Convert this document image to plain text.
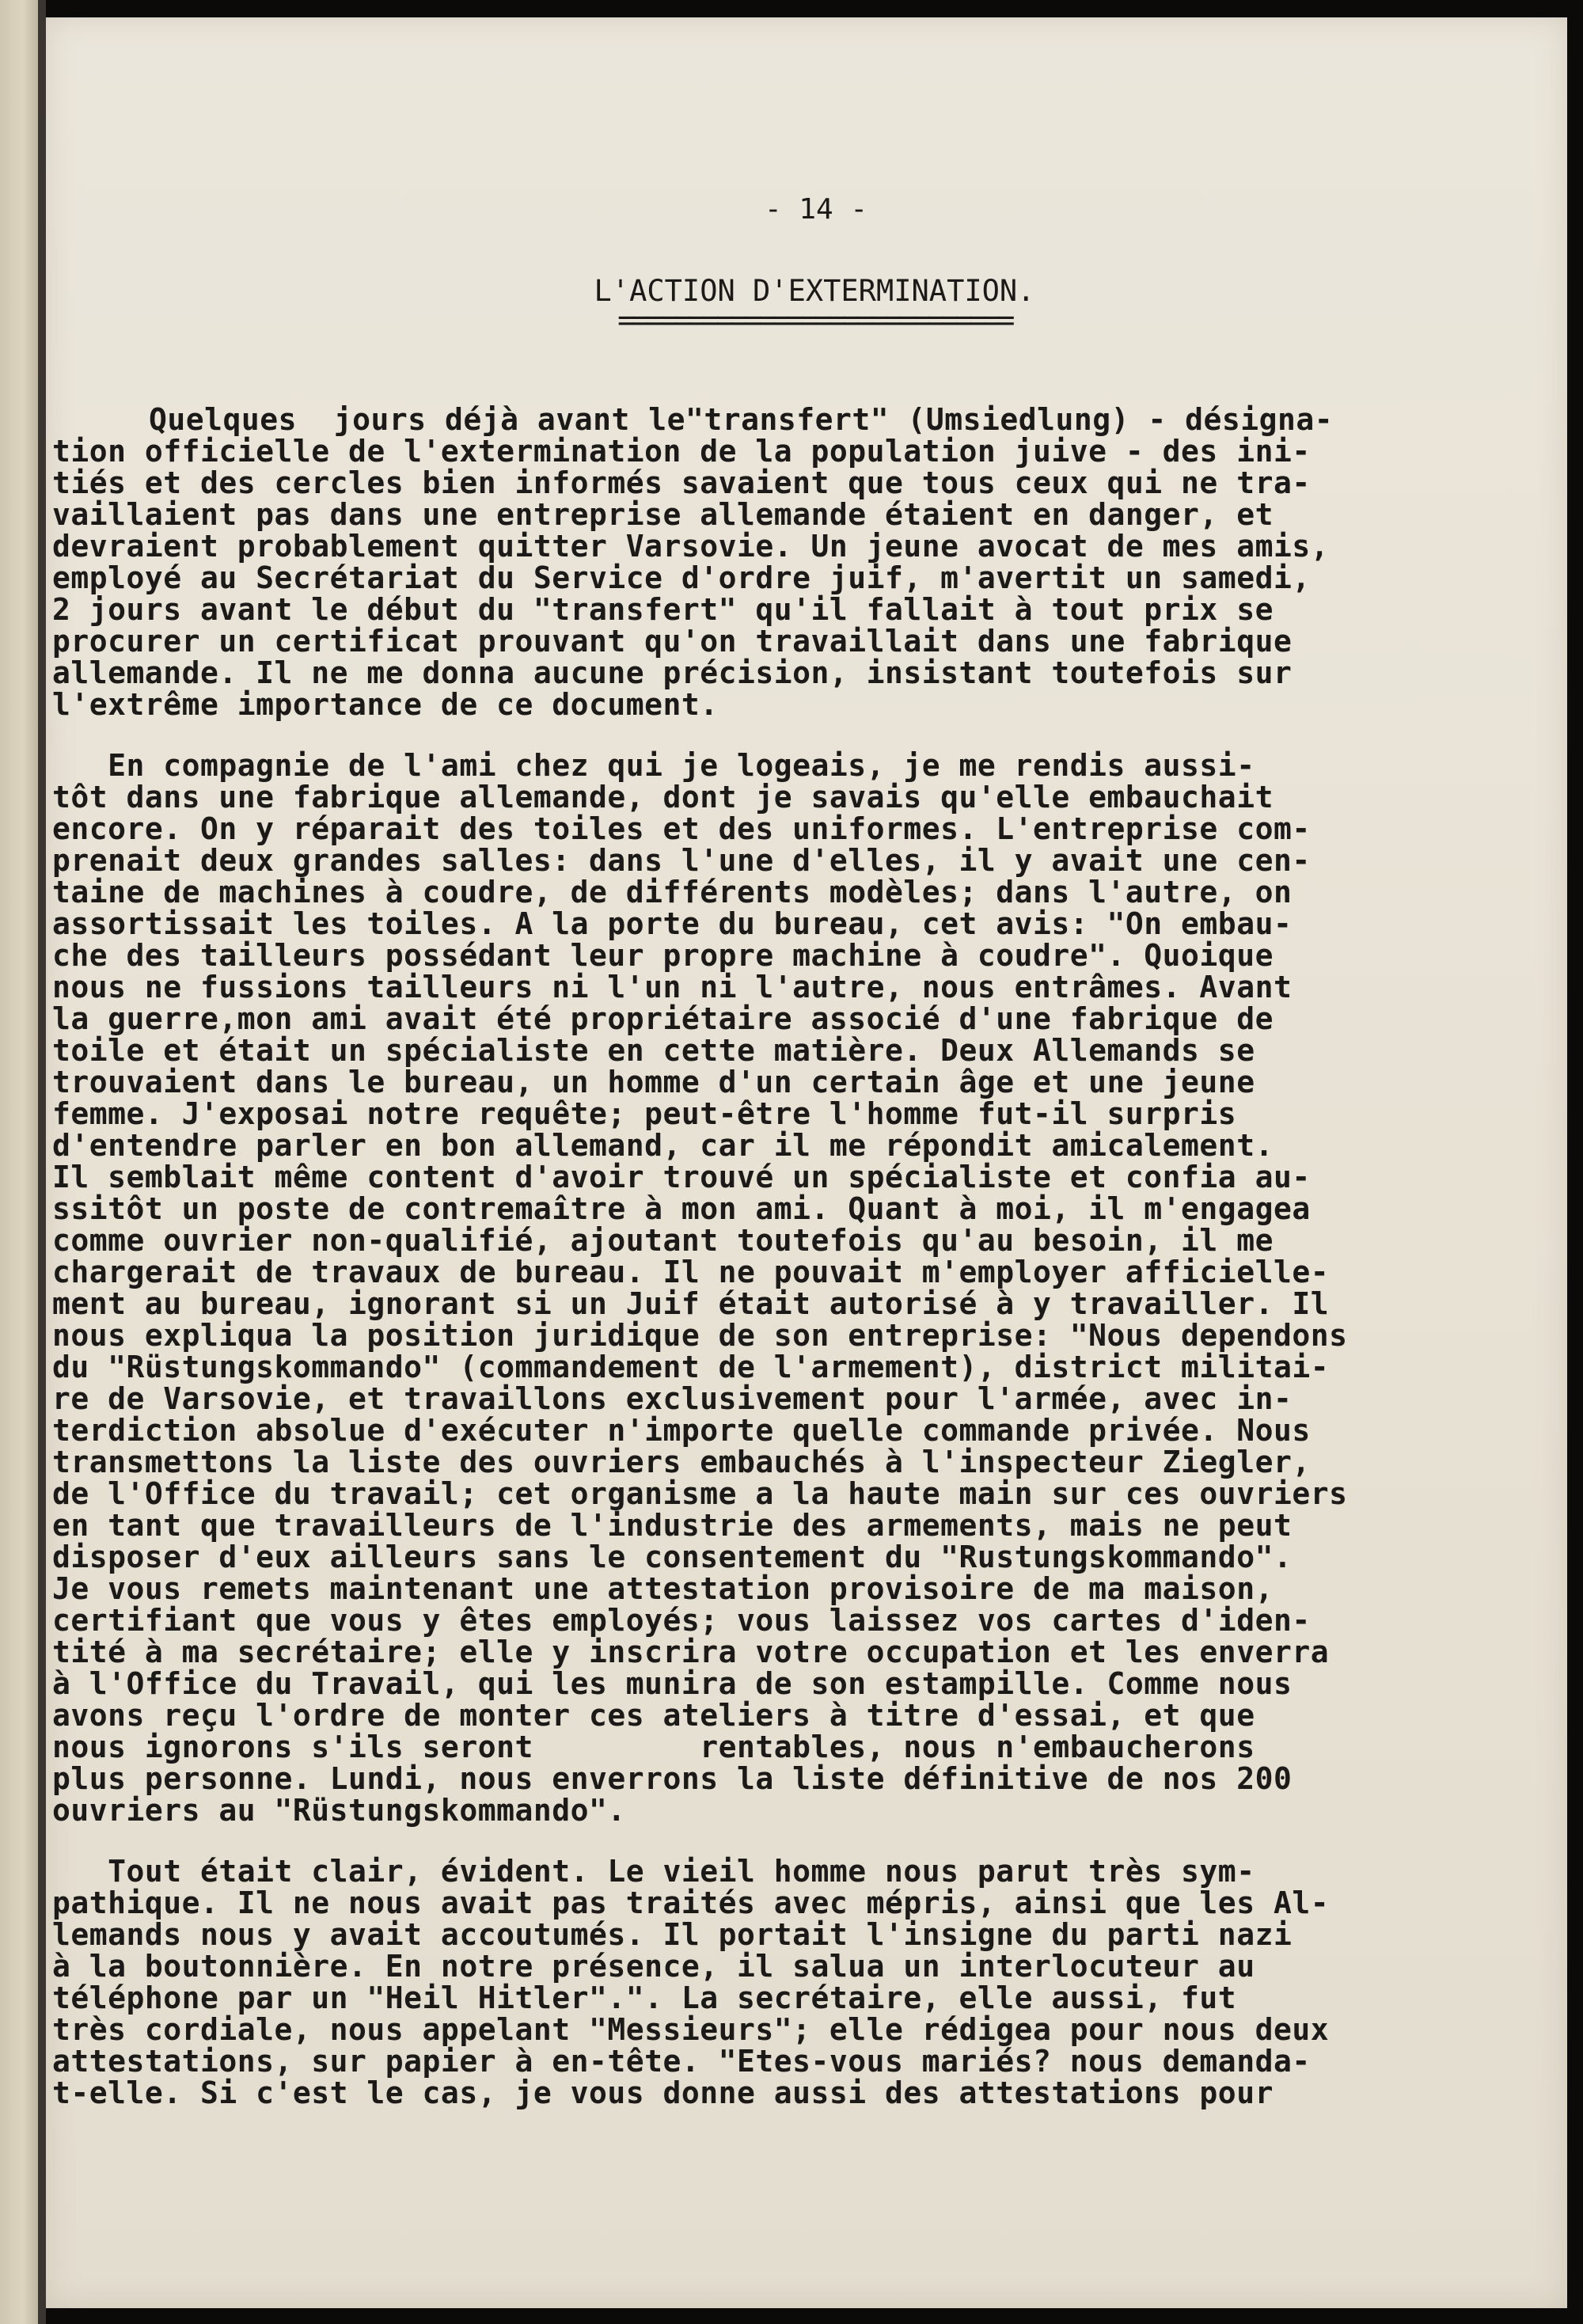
- 14 -
L'ACTION D'EXTERMINATION.
============================
Quelques  jours déjà avant le"transfert" (Umsiedlung) - désigna-
tion officielle de l'extermination de la population juive - des ini-
tiés et des cercles bien informés savaient que tous ceux qui ne tra-
vaillaient pas dans une entreprise allemande étaient en danger, et
devraient probablement quitter Varsovie. Un jeune avocat de mes amis,
employé au Secrétariat du Service d'ordre juif, m'avertit un samedi,
2 jours avant le début du "transfert" qu'il fallait à tout prix se
procurer un certificat prouvant qu'on travaillait dans une fabrique
allemande. Il ne me donna aucune précision, insistant toutefois sur
l'extrême importance de ce document.
En compagnie de l'ami chez qui je logeais, je me rendis aussi-
tôt dans une fabrique allemande, dont je savais qu'elle embauchait
encore. On y réparait des toiles et des uniformes. L'entreprise com-
prenait deux grandes salles: dans l'une d'elles, il y avait une cen-
taine de machines à coudre, de différents modèles; dans l'autre, on
assortissait les toiles. A la porte du bureau, cet avis: "On embau-
che des tailleurs possédant leur propre machine à coudre". Quoique
nous ne fussions tailleurs ni l'un ni l'autre, nous entrâmes. Avant
la guerre,mon ami avait été propriétaire associé d'une fabrique de
toile et était un spécialiste en cette matière. Deux Allemands se
trouvaient dans le bureau, un homme d'un certain âge et une jeune
femme. J'exposai notre requête; peut-être l'homme fut-il surpris
d'entendre parler en bon allemand, car il me répondit amicalement.
Il semblait même content d'avoir trouvé un spécialiste et confia au-
ssitôt un poste de contremaître à mon ami. Quant à moi, il m'engagea
comme ouvrier non-qualifié, ajoutant toutefois qu'au besoin, il me
chargerait de travaux de bureau. Il ne pouvait m'employer afficielle-
ment au bureau, ignorant si un Juif était autorisé à y travailler. Il
nous expliqua la position juridique de son entreprise: "Nous dependons
du "Rüstungskommando" (commandement de l'armement), district militai-
re de Varsovie, et travaillons exclusivement pour l'armée, avec in-
terdiction absolue d'exécuter n'importe quelle commande privée. Nous
transmettons la liste des ouvriers embauchés à l'inspecteur Ziegler,
de l'Office du travail; cet organisme a la haute main sur ces ouvriers
en tant que travailleurs de l'industrie des armements, mais ne peut
disposer d'eux ailleurs sans le consentement du "Rustungskommando".
Je vous remets maintenant une attestation provisoire de ma maison,
certifiant que vous y êtes employés; vous laissez vos cartes d'iden-
tité à ma secrétaire; elle y inscrira votre occupation et les enverra
à l'Office du Travail, qui les munira de son estampille. Comme nous
avons reçu l'ordre de monter ces ateliers à titre d'essai, et que
nous ignorons s'ils seront         rentables, nous n'embaucherons
plus personne. Lundi, nous enverrons la liste définitive de nos 200
ouvriers au "Rüstungskommando".
Tout était clair, évident. Le vieil homme nous parut très sym-
pathique. Il ne nous avait pas traités avec mépris, ainsi que les Al-
lemands nous y avait accoutumés. Il portait l'insigne du parti nazi
à la boutonnière. En notre présence, il salua un interlocuteur au
téléphone par un "Heil Hitler".". La secrétaire, elle aussi, fut
très cordiale, nous appelant "Messieurs"; elle rédigea pour nous deux
attestations, sur papier à en-tête. "Etes-vous mariés? nous demanda-
t-elle. Si c'est le cas, je vous donne aussi des attestations pour
